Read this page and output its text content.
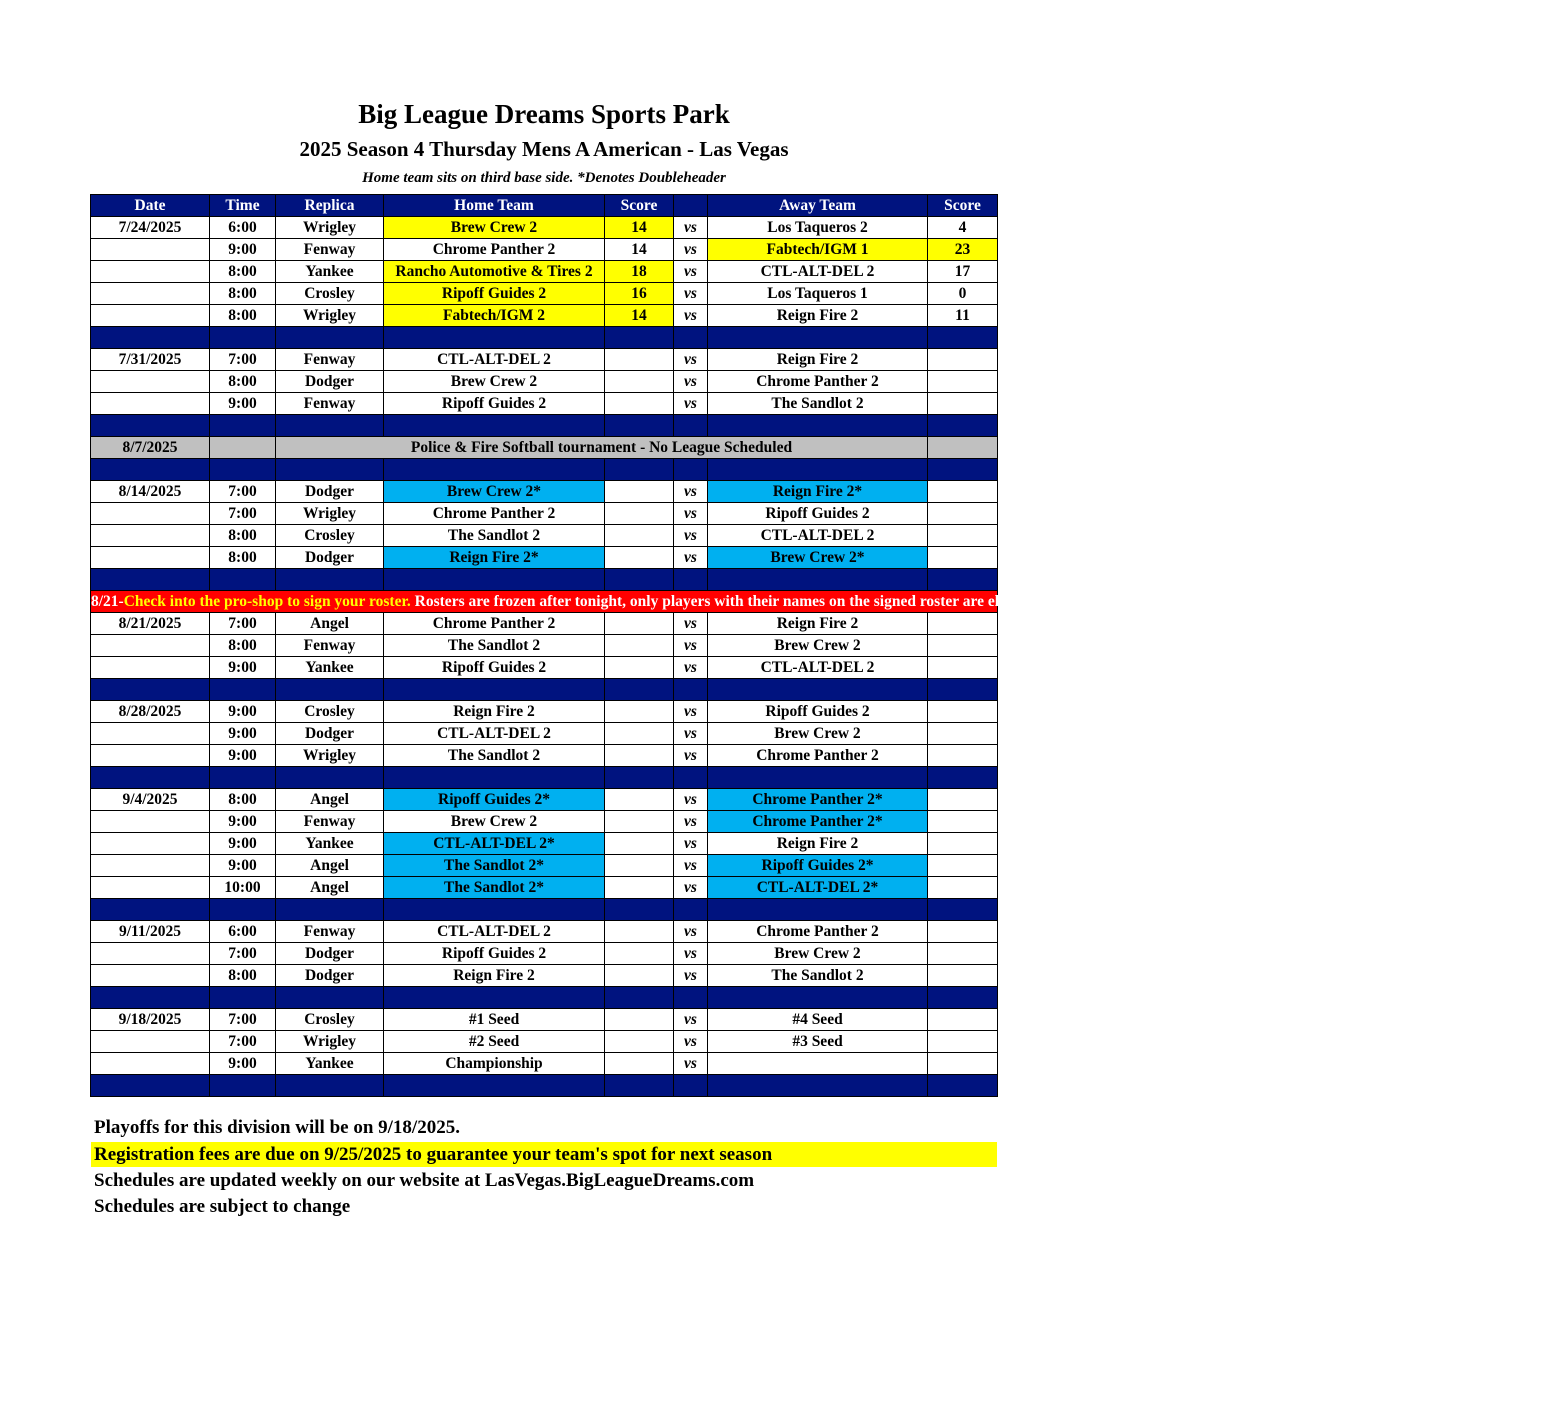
Big League Dreams Sports Park
2025 Season 4 Thursday Mens A American - Las Vegas
Home team sits on third base side. *Denotes Doubleheader
Date	Time	Replica	Home Team	Score		Away Team	Score
7/24/2025	6:00	Wrigley	Brew Crew 2	14	vs	Los Taqueros 2	4
	9:00	Fenway	Chrome Panther 2	14	vs	Fabtech/IGM 1	23
	8:00	Yankee	Rancho Automotive & Tires 2	18	vs	CTL-ALT-DEL 2	17
	8:00	Crosley	Ripoff Guides 2	16	vs	Los Taqueros 1	0
	8:00	Wrigley	Fabtech/IGM 2	14	vs	Reign Fire 2	11

7/31/2025	7:00	Fenway	CTL-ALT-DEL 2		vs	Reign Fire 2	
	8:00	Dodger	Brew Crew 2		vs	Chrome Panther 2	
	9:00	Fenway	Ripoff Guides 2		vs	The Sandlot 2	

8/7/2025		Police & Fire Softball tournament - No League Scheduled					

8/14/2025	7:00	Dodger	Brew Crew 2*		vs	Reign Fire 2*	
	7:00	Wrigley	Chrome Panther 2		vs	Ripoff Guides 2	
	8:00	Crosley	The Sandlot 2		vs	CTL-ALT-DEL 2	
	8:00	Dodger	Reign Fire 2*		vs	Brew Crew 2*	

8/21-Check into the pro-shop to sign your roster. Rosters are frozen after tonight, only players with their names on the signed roster are eligible for playoffs. Please check carefully as changes will not be made for omissions.							
8/21/2025	7:00	Angel	Chrome Panther 2		vs	Reign Fire 2	
	8:00	Fenway	The Sandlot 2		vs	Brew Crew 2	
	9:00	Yankee	Ripoff Guides 2		vs	CTL-ALT-DEL 2	

8/28/2025	9:00	Crosley	Reign Fire 2		vs	Ripoff Guides 2	
	9:00	Dodger	CTL-ALT-DEL 2		vs	Brew Crew 2	
	9:00	Wrigley	The Sandlot 2		vs	Chrome Panther 2	

9/4/2025	8:00	Angel	Ripoff Guides 2*		vs	Chrome Panther 2*	
	9:00	Fenway	Brew Crew 2		vs	Chrome Panther 2*	
	9:00	Yankee	CTL-ALT-DEL 2*		vs	Reign Fire 2	
	9:00	Angel	The Sandlot 2*		vs	Ripoff Guides 2*	
	10:00	Angel	The Sandlot 2*		vs	CTL-ALT-DEL 2*	

9/11/2025	6:00	Fenway	CTL-ALT-DEL 2		vs	Chrome Panther 2	
	7:00	Dodger	Ripoff Guides 2		vs	Brew Crew 2	
	8:00	Dodger	Reign Fire 2		vs	The Sandlot 2	

9/18/2025	7:00	Crosley	#1 Seed		vs	#4 Seed	
	7:00	Wrigley	#2 Seed		vs	#3 Seed	
	9:00	Yankee	Championship		vs		

Playoffs for this division will be on 9/18/2025.
Registration fees are due on 9/25/2025 to guarantee your team's spot for next season
Schedules are updated weekly on our website at LasVegas.BigLeagueDreams.com
Schedules are subject to change
